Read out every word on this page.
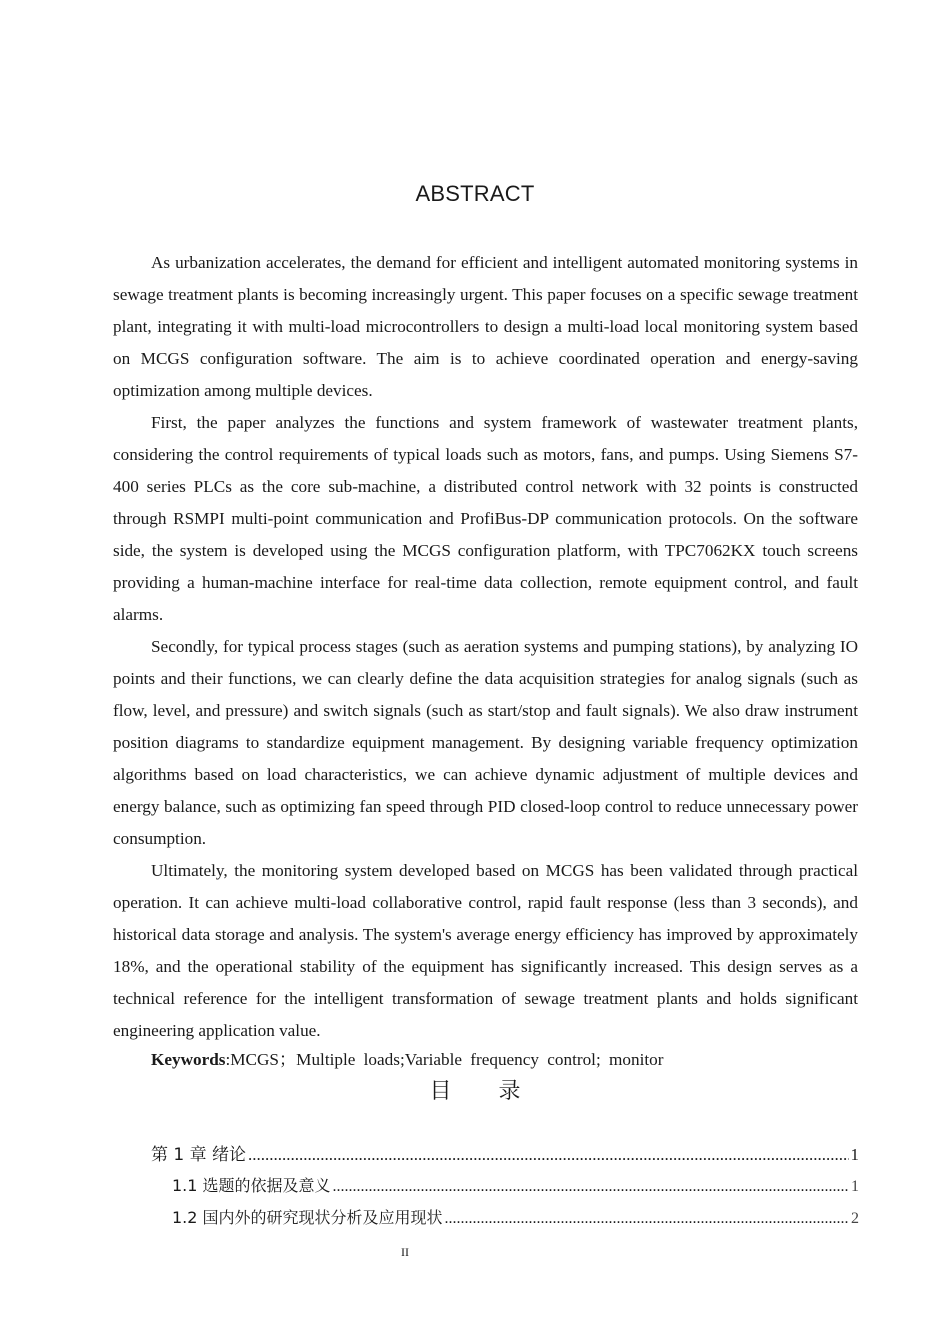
ABSTRACT

As urbanization accelerates, the demand for efficient and intelligent automated monitoring systems in sewage treatment plants is becoming increasingly urgent. This paper focuses on a specific sewage treatment plant, integrating it with multi-load microcontrollers to design a multi-load local monitoring system based on MCGS configuration software. The aim is to achieve coordinated operation and energy-saving optimization among multiple devices.

First, the paper analyzes the functions and system framework of wastewater treatment plants, considering the control requirements of typical loads such as motors, fans, and pumps. Using Siemens S7-400 series PLCs as the core sub-machine, a distributed control network with 32 points is constructed through RSMPI multi-point communication and ProfiBus-DP communication protocols. On the software side, the system is developed using the MCGS configuration platform, with TPC7062KX touch screens providing a human-machine interface for real-time data collection, remote equipment control, and fault alarms.

Secondly, for typical process stages (such as aeration systems and pumping stations), by analyzing IO points and their functions, we can clearly define the data acquisition strategies for analog signals (such as flow, level, and pressure) and switch signals (such as start/stop and fault signals). We also draw instrument position diagrams to standardize equipment management. By designing variable frequency optimization algorithms based on load characteristics, we can achieve dynamic adjustment of multiple devices and energy balance, such as optimizing fan speed through PID closed-loop control to reduce unnecessary power consumption.

Ultimately, the monitoring system developed based on MCGS has been validated through practical operation. It can achieve multi-load collaborative control, rapid fault response (less than 3 seconds), and historical data storage and analysis. The system's average energy efficiency has improved by approximately 18%, and the operational stability of the equipment has significantly increased. This design serves as a technical reference for the intelligent transformation of sewage treatment plants and holds significant engineering application value.

Keywords:MCGS；Multiple loads;Variable frequency control; monitor
目 录
第 1 章 绪论 .....	1
1.1 选题的依据及意义 .....	1
1.2 国内外的研究现状分析及应用现状 .....	2
II
